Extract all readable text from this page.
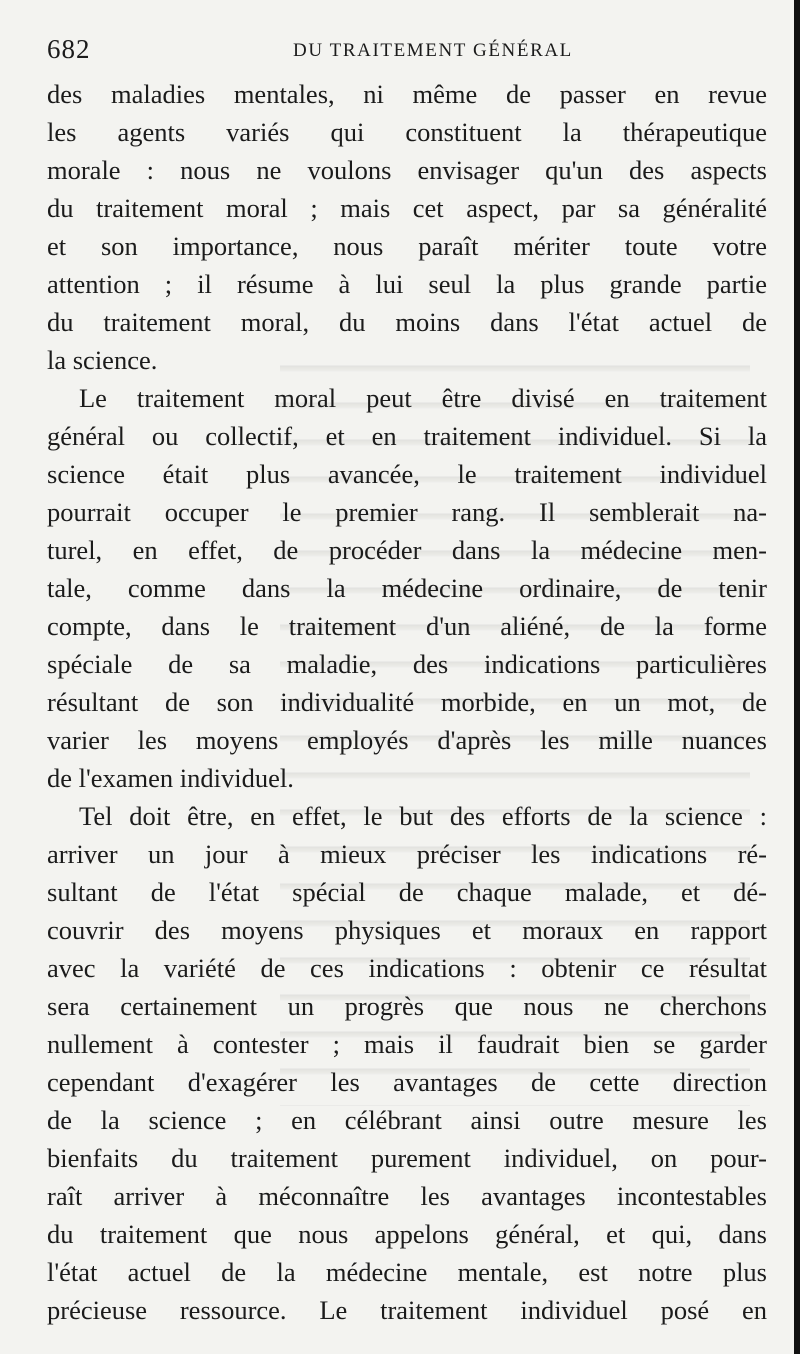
682	DU TRAITEMENT GÉNÉRAL
des maladies mentales, ni même de passer en revue
les agents variés qui constituent la thérapeutique
morale : nous ne voulons envisager qu'un des aspects
du traitement moral ; mais cet aspect, par sa généralité
et son importance, nous paraît mériter toute votre
attention ; il résume à lui seul la plus grande partie
du traitement moral, du moins dans l'état actuel de
la science.
Le traitement moral peut être divisé en traitement
général ou collectif, et en traitement individuel. Si la
science était plus avancée, le traitement individuel
pourrait occuper le premier rang. Il semblerait na-
turel, en effet, de procéder dans la médecine men-
tale, comme dans la médecine ordinaire, de tenir
compte, dans le traitement d'un aliéné, de la forme
spéciale de sa maladie, des indications particulières
résultant de son individualité morbide, en un mot, de
varier les moyens employés d'après les mille nuances
de l'examen individuel.
Tel doit être, en effet, le but des efforts de la science :
arriver un jour à mieux préciser les indications ré-
sultant de l'état spécial de chaque malade, et dé-
couvrir des moyens physiques et moraux en rapport
avec la variété de ces indications : obtenir ce résultat
sera certainement un progrès que nous ne cherchons
nullement à contester ; mais il faudrait bien se garder
cependant d'exagérer les avantages de cette direction
de la science ; en célébrant ainsi outre mesure les
bienfaits du traitement purement individuel, on pour-
raît arriver à méconnaître les avantages incontestables
du traitement que nous appelons général, et qui, dans
l'état actuel de la médecine mentale, est notre plus
précieuse ressource. Le traitement individuel posé en
